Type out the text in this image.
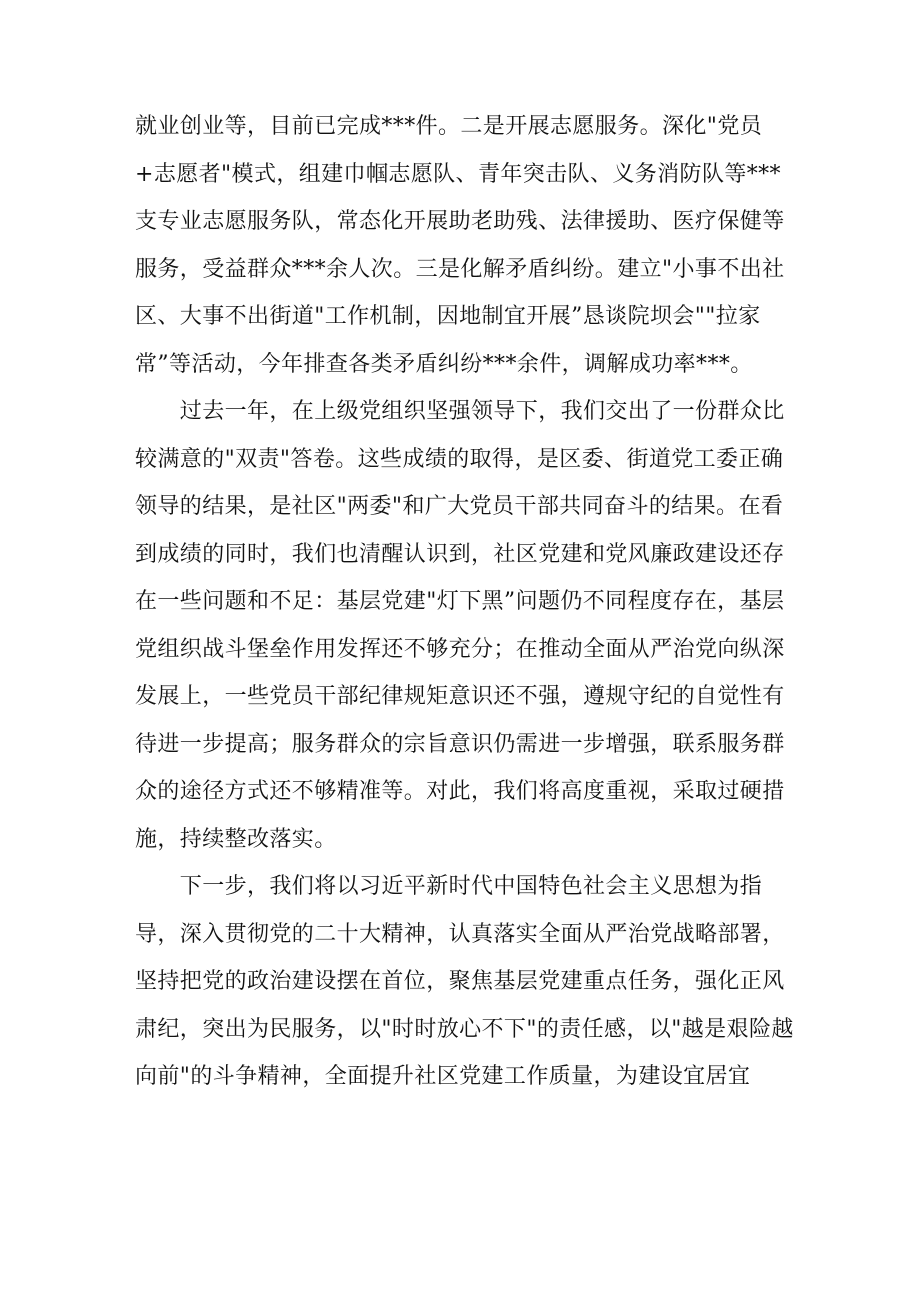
就业创业等，目前已完成***件。二是开展志愿服务。深化"党员+志愿者"模式，组建巾帼志愿队、青年突击队、义务消防队等***支专业志愿服务队，常态化开展助老助残、法律援助、医疗保健等服务，受益群众***余人次。三是化解矛盾纠纷。建立"小事不出社区、大事不出街道"工作机制，因地制宜开展”恳谈院坝会""拉家常”等活动，今年排查各类矛盾纠纷***余件，调解成功率***。

　　过去一年，在上级党组织坚强领导下，我们交出了一份群众比较满意的"双责"答卷。这些成绩的取得，是区委、街道党工委正确领导的结果，是社区"两委"和广大党员干部共同奋斗的结果。在看到成绩的同时，我们也清醒认识到，社区党建和党风廉政建设还存在一些问题和不足：基层党建"灯下黑”问题仍不同程度存在，基层党组织战斗堡垒作用发挥还不够充分；在推动全面从严治党向纵深发展上，一些党员干部纪律规矩意识还不强，遵规守纪的自觉性有待进一步提高；服务群众的宗旨意识仍需进一步增强，联系服务群众的途径方式还不够精准等。对此，我们将高度重视，采取过硬措施，持续整改落实。

　　下一步，我们将以习近平新时代中国特色社会主义思想为指导，深入贯彻党的二十大精神，认真落实全面从严治党战略部署，坚持把党的政治建设摆在首位，聚焦基层党建重点任务，强化正风肃纪，突出为民服务，以"时时放心不下"的责任感，以"越是艰险越向前"的斗争精神，全面提升社区党建工作质量，为建设宜居宜
